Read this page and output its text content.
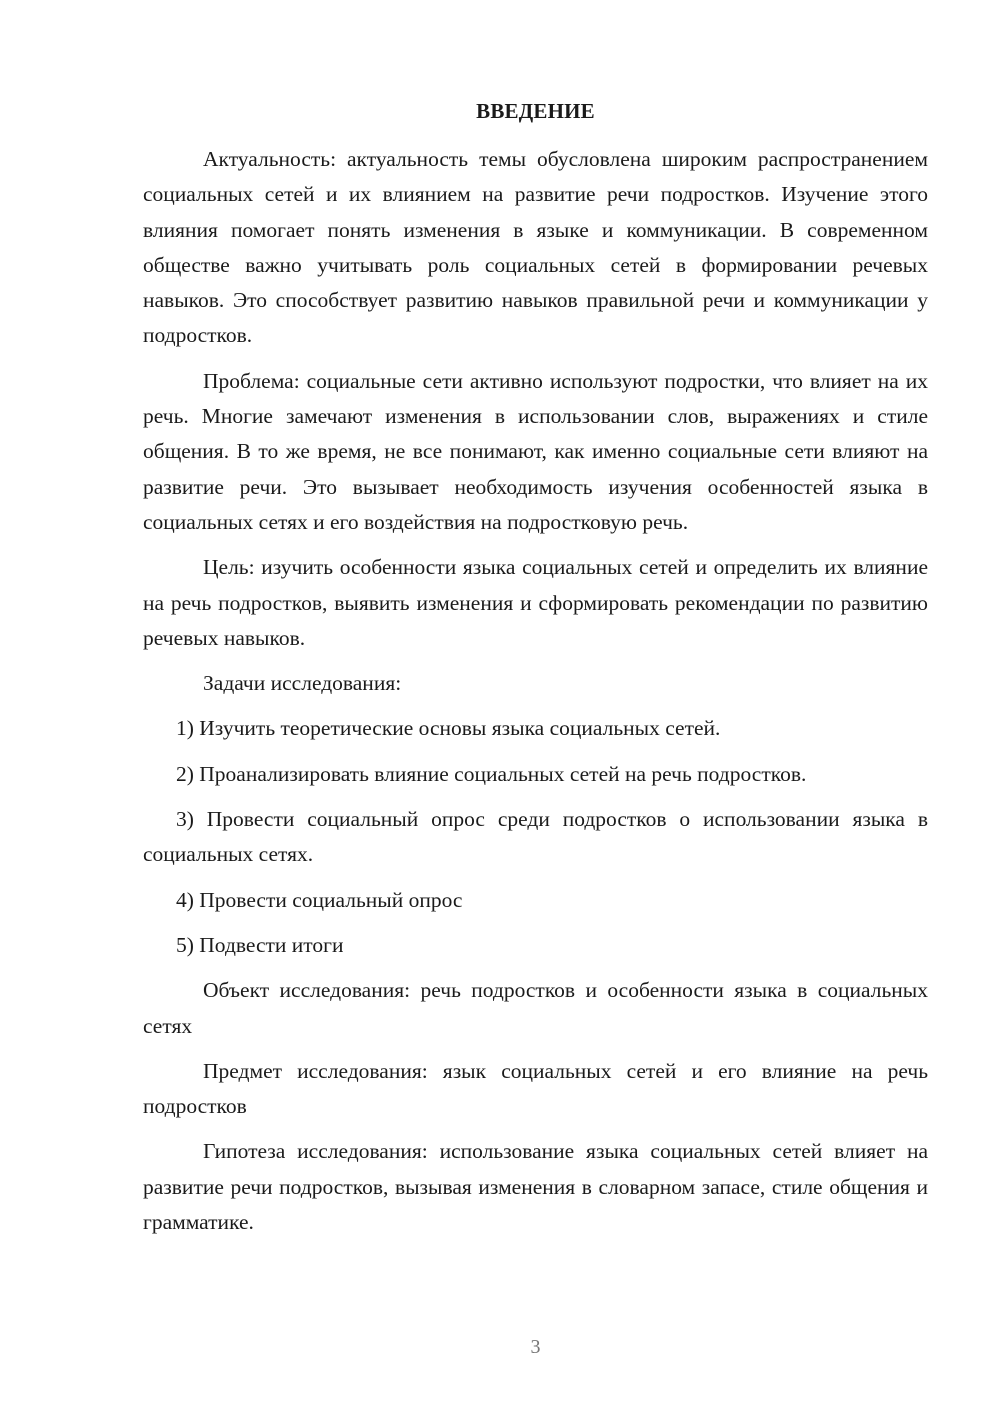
ВВЕДЕНИЕ

Актуальность: актуальность темы обусловлена широким распространением социальных сетей и их влиянием на развитие речи подростков. Изучение этого влияния помогает понять изменения в языке и коммуникации. В современном обществе важно учитывать роль социальных сетей в формировании речевых навыков. Это способствует развитию навыков правильной речи и коммуникации у подростков.

Проблема: социальные сети активно используют подростки, что влияет на их речь. Многие замечают изменения в использовании слов, выражениях и стиле общения. В то же время, не все понимают, как именно социальные сети влияют на развитие речи. Это вызывает необходимость изучения особенностей языка в социальных сетях и его воздействия на подростковую речь.

Цель: изучить особенности языка социальных сетей и определить их влияние на речь подростков, выявить изменения и сформировать рекомендации по развитию речевых навыков.

Задачи исследования:

1) Изучить теоретические основы языка социальных сетей.

2) Проанализировать влияние социальных сетей на речь подростков.

3) Провести социальный опрос среди подростков о использовании языка в социальных сетях.

4) Провести социальный опрос

5) Подвести итоги

Объект исследования: речь подростков и особенности языка в социальных сетях

Предмет исследования: язык социальных сетей и его влияние на речь подростков

Гипотеза исследования: использование языка социальных сетей влияет на развитие речи подростков, вызывая изменения в словарном запасе, стиле общения и грамматике.

3
